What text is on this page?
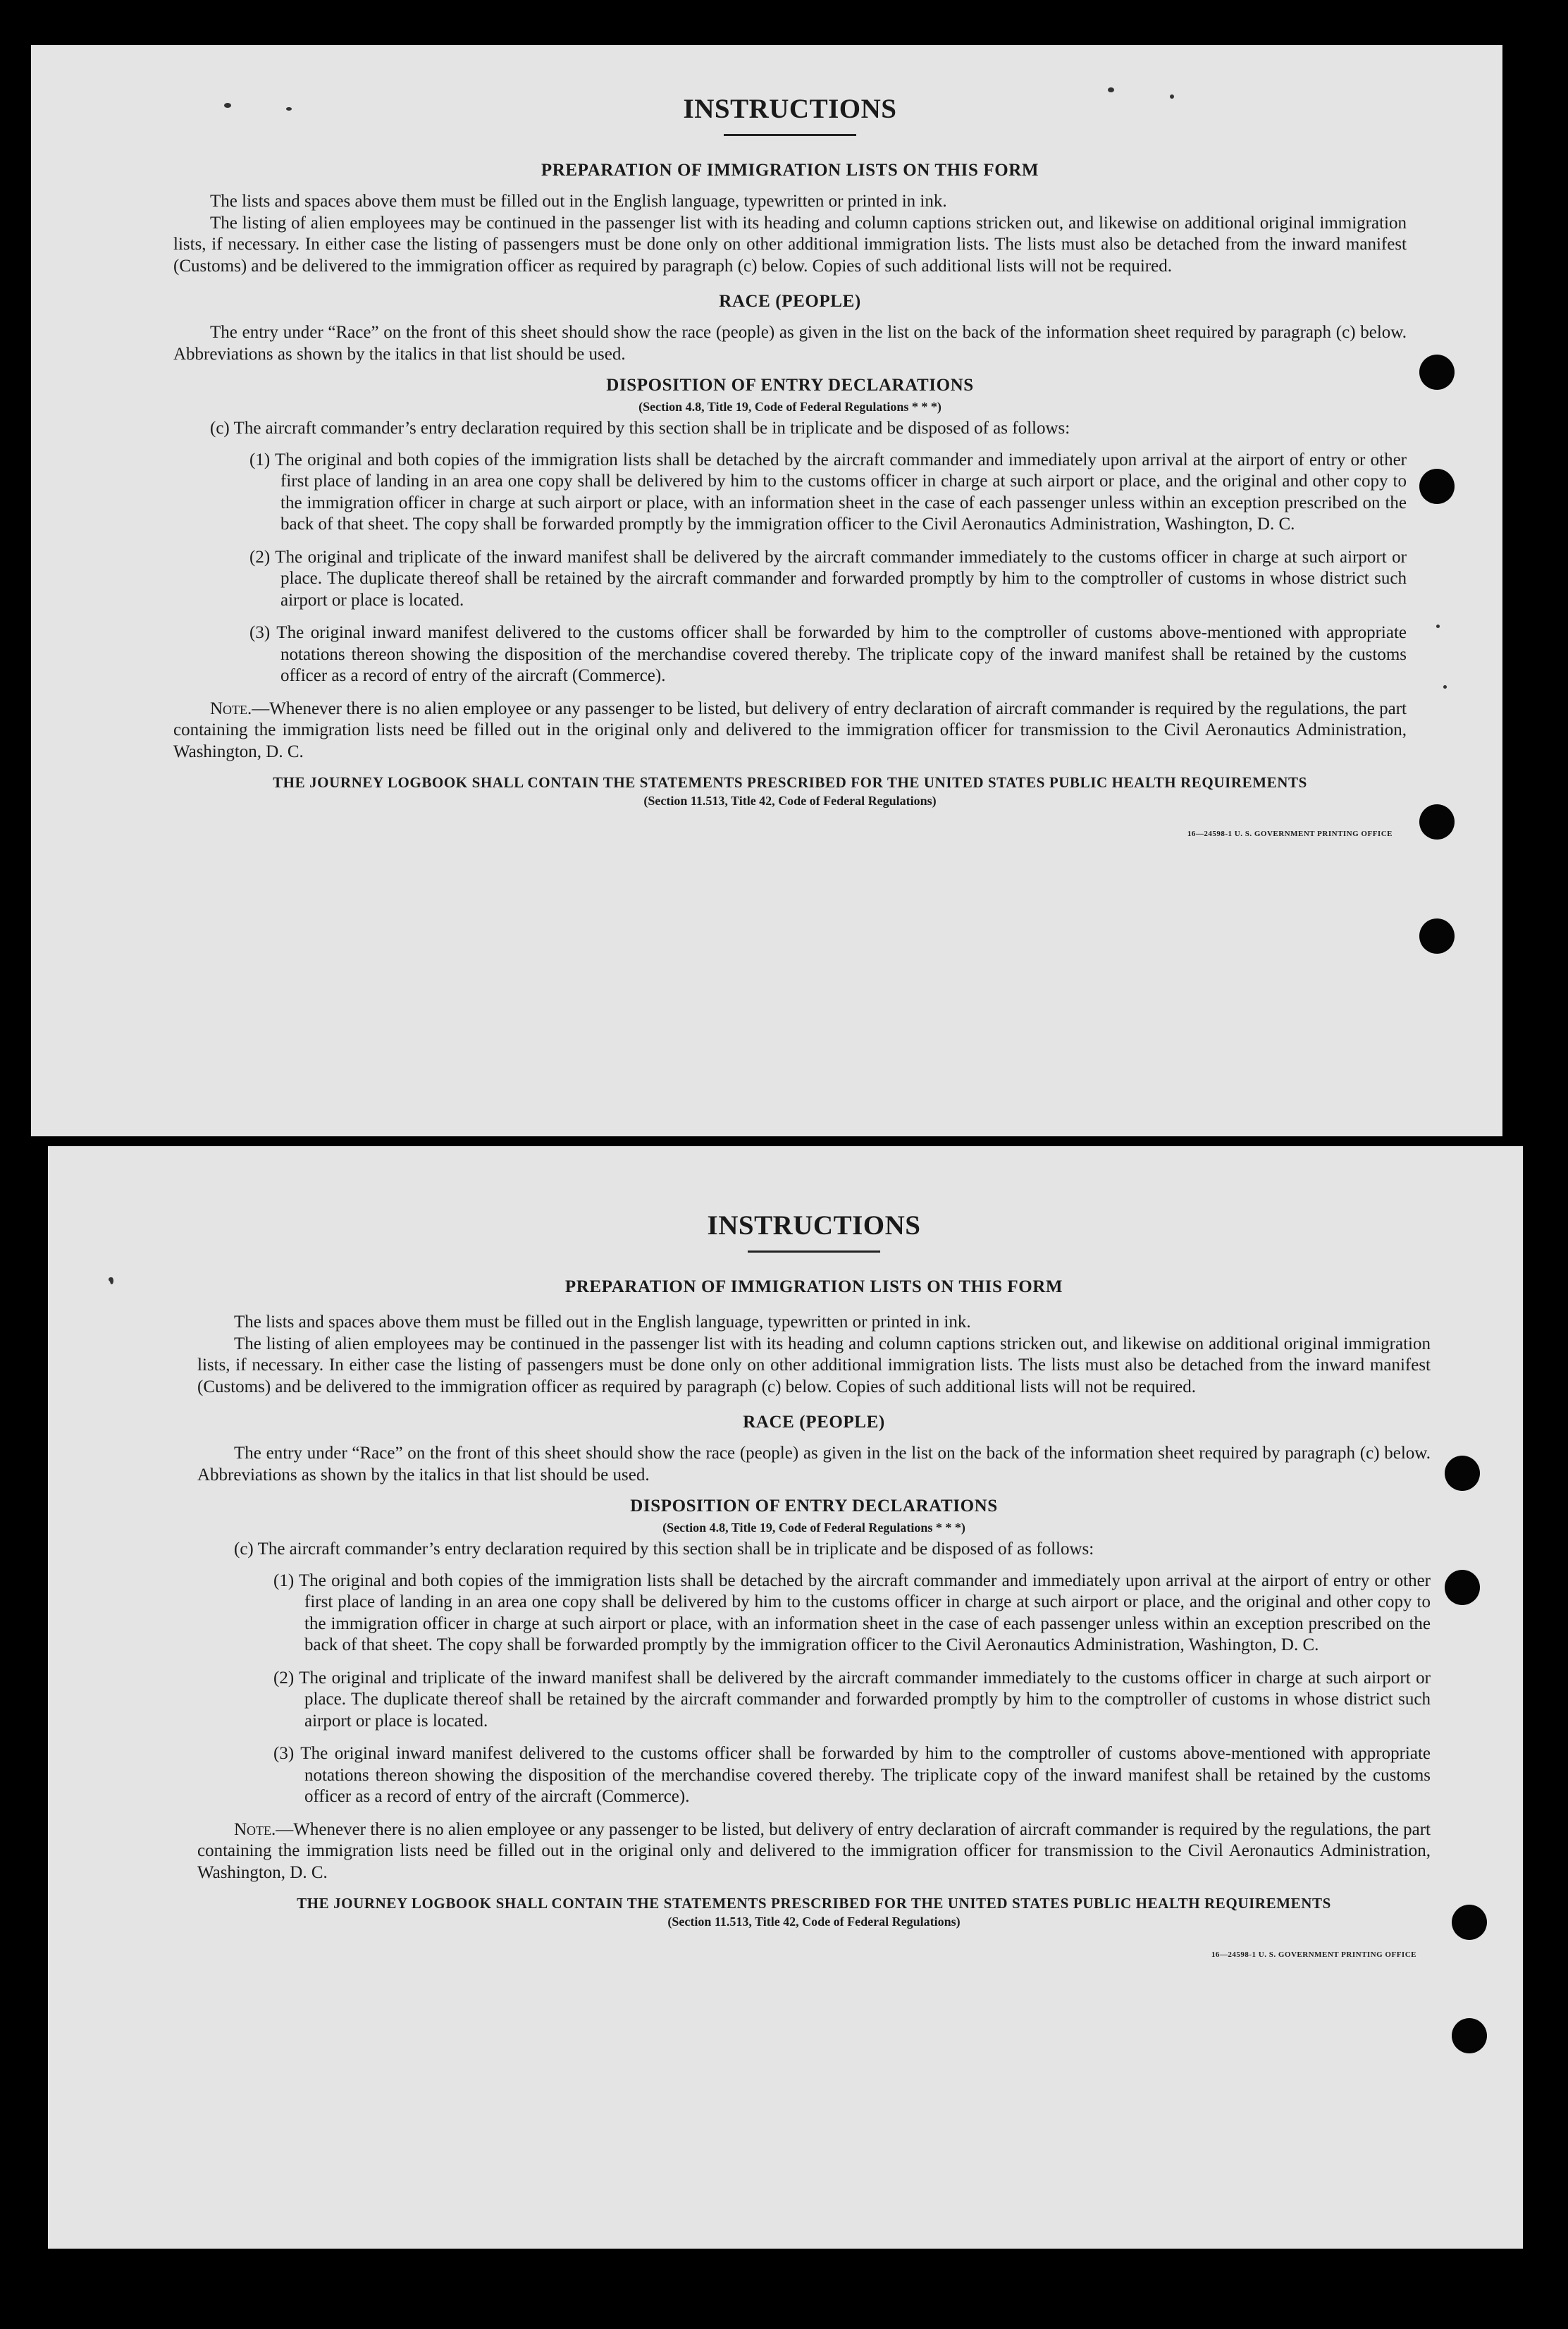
INSTRUCTIONS
PREPARATION OF IMMIGRATION LISTS ON THIS FORM

The lists and spaces above them must be filled out in the English language, typewritten or printed in ink.

The listing of alien employees may be continued in the passenger list with its heading and column captions stricken out, and likewise on additional original immigration lists, if necessary. In either case the listing of passengers must be done only on other additional immigration lists. The lists must also be detached from the inward manifest (Customs) and be delivered to the immigration officer as required by paragraph (c) below. Copies of such additional lists will not be required.

RACE (PEOPLE)

The entry under “Race” on the front of this sheet should show the race (people) as given in the list on the back of the information sheet required by paragraph (c) below. Abbreviations as shown by the italics in that list should be used.

DISPOSITION OF ENTRY DECLARATIONS
(Section 4.8, Title 19, Code of Federal Regulations * * *)

(c) The aircraft commander’s entry declaration required by this section shall be in triplicate and be disposed of as follows:

(1) The original and both copies of the immigration lists shall be detached by the aircraft commander and immediately upon arrival at the airport of entry or other first place of landing in an area one copy shall be delivered by him to the customs officer in charge at such airport or place, and the original and other copy to the immigration officer in charge at such airport or place, with an information sheet in the case of each passenger unless within an exception prescribed on the back of that sheet. The copy shall be forwarded promptly by the immigration officer to the Civil Aeronautics Administration, Washington, D. C.

(2) The original and triplicate of the inward manifest shall be delivered by the aircraft commander immediately to the customs officer in charge at such airport or place. The duplicate thereof shall be retained by the aircraft commander and forwarded promptly by him to the comptroller of customs in whose district such airport or place is located.

(3) The original inward manifest delivered to the customs officer shall be forwarded by him to the comptroller of customs above-mentioned with appropriate notations thereon showing the disposition of the merchandise covered thereby. The triplicate copy of the inward manifest shall be retained by the customs officer as a record of entry of the aircraft (Commerce).

Note.—Whenever there is no alien employee or any passenger to be listed, but delivery of entry declaration of aircraft commander is required by the regulations, the part containing the immigration lists need be filled out in the original only and delivered to the immigration officer for transmission to the Civil Aeronautics Administration, Washington, D. C.

THE JOURNEY LOGBOOK SHALL CONTAIN THE STATEMENTS PRESCRIBED FOR THE UNITED STATES PUBLIC HEALTH REQUIREMENTS
(Section 11.513, Title 42, Code of Federal Regulations)
16—24598-1 U. S. GOVERNMENT PRINTING OFFICE
INSTRUCTIONS
PREPARATION OF IMMIGRATION LISTS ON THIS FORM

The lists and spaces above them must be filled out in the English language, typewritten or printed in ink.

The listing of alien employees may be continued in the passenger list with its heading and column captions stricken out, and likewise on additional original immigration lists, if necessary. In either case the listing of passengers must be done only on other additional immigration lists. The lists must also be detached from the inward manifest (Customs) and be delivered to the immigration officer as required by paragraph (c) below. Copies of such additional lists will not be required.

RACE (PEOPLE)

The entry under “Race” on the front of this sheet should show the race (people) as given in the list on the back of the information sheet required by paragraph (c) below. Abbreviations as shown by the italics in that list should be used.

DISPOSITION OF ENTRY DECLARATIONS
(Section 4.8, Title 19, Code of Federal Regulations * * *)

(c) The aircraft commander’s entry declaration required by this section shall be in triplicate and be disposed of as follows:

(1) The original and both copies of the immigration lists shall be detached by the aircraft commander and immediately upon arrival at the airport of entry or other first place of landing in an area one copy shall be delivered by him to the customs officer in charge at such airport or place, and the original and other copy to the immigration officer in charge at such airport or place, with an information sheet in the case of each passenger unless within an exception prescribed on the back of that sheet. The copy shall be forwarded promptly by the immigration officer to the Civil Aeronautics Administration, Washington, D. C.

(2) The original and triplicate of the inward manifest shall be delivered by the aircraft commander immediately to the customs officer in charge at such airport or place. The duplicate thereof shall be retained by the aircraft commander and forwarded promptly by him to the comptroller of customs in whose district such airport or place is located.

(3) The original inward manifest delivered to the customs officer shall be forwarded by him to the comptroller of customs above-mentioned with appropriate notations thereon showing the disposition of the merchandise covered thereby. The triplicate copy of the inward manifest shall be retained by the customs officer as a record of entry of the aircraft (Commerce).

Note.—Whenever there is no alien employee or any passenger to be listed, but delivery of entry declaration of aircraft commander is required by the regulations, the part containing the immigration lists need be filled out in the original only and delivered to the immigration officer for transmission to the Civil Aeronautics Administration, Washington, D. C.

THE JOURNEY LOGBOOK SHALL CONTAIN THE STATEMENTS PRESCRIBED FOR THE UNITED STATES PUBLIC HEALTH REQUIREMENTS
(Section 11.513, Title 42, Code of Federal Regulations)
16—24598-1 U. S. GOVERNMENT PRINTING OFFICE
